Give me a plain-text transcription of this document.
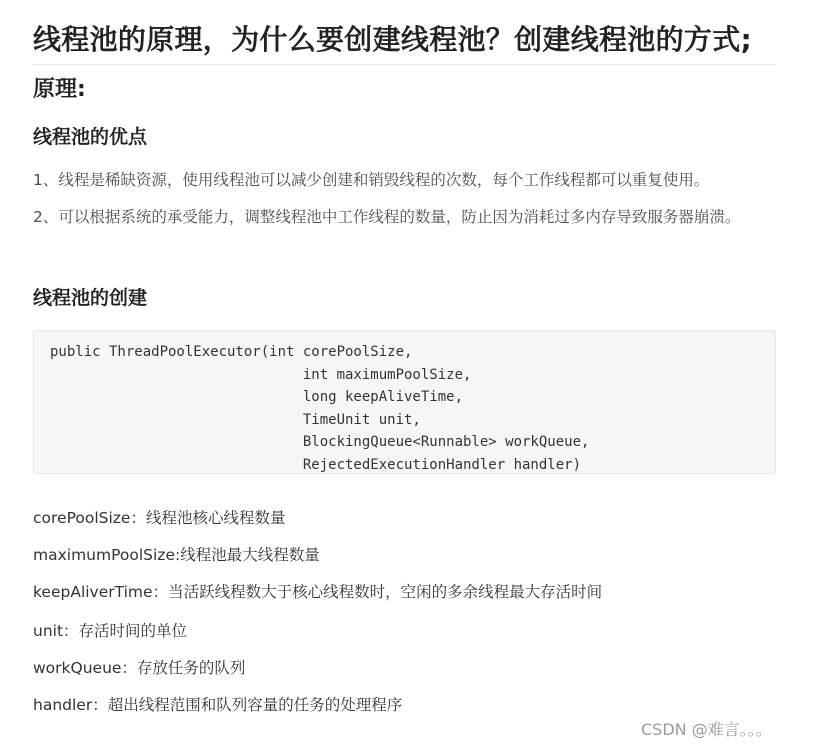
线程池的原理，为什么要创建线程池？创建线程池的方式;
原理:
线程池的优点

1、线程是稀缺资源，使用线程池可以减少创建和销毁线程的次数，每个工作线程都可以重复使用。

2、可以根据系统的承受能力，调整线程池中工作线程的数量，防止因为消耗过多内存导致服务器崩溃。

线程池的创建
public ThreadPoolExecutor(int corePoolSize,
int maximumPoolSize,
long keepAliveTime,
TimeUnit unit,
BlockingQueue<Runnable> workQueue,
RejectedExecutionHandler handler)
corePoolSize：线程池核心线程数量
maximumPoolSize:线程池最大线程数量
keepAliverTime：当活跃线程数大于核心线程数时，空闲的多余线程最大存活时间
unit：存活时间的单位
workQueue：存放任务的队列
handler：超出线程范围和队列容量的任务的处理程序
CSDN @难言。。。
